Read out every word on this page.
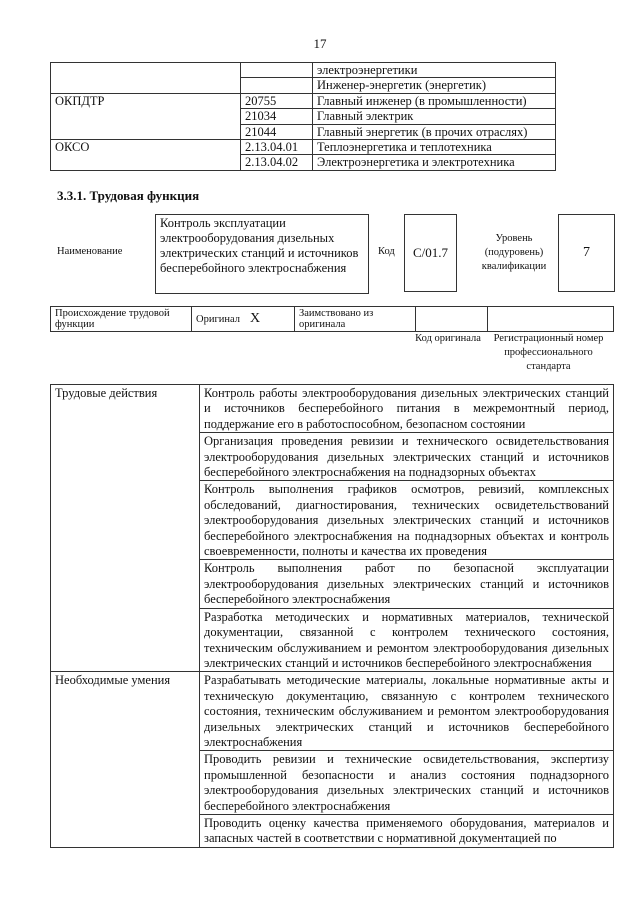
17
		электроэнергетики
		Инженер-энергетик (энергетик)
ОКПДТР	20755	Главный инженер (в промышленности)
	21034	Главный электрик
	21044	Главный энергетик (в прочих отраслях)
ОКСО	2.13.04.01	Теплоэнергетика и теплотехника
	2.13.04.02	Электроэнергетика и электротехника
3.3.1. Трудовая функция
Наименование
Контроль эксплуатации электрооборудования дизельных электрических станций и источников бесперебойного электроснабжения
Код C/01.7
Уровень (подуровень) квалификации
7
Происхождение трудовой функции	Оригинал X	Заимствовано из оригинала		
Код оригинала	Регистрационный номер профессионального стандарта
Трудовые действия	Контроль работы электрооборудования дизельных электрических станций и источников бесперебойного питания в межремонтный период, поддержание его в работоспособном, безопасном состоянии
	Организация проведения ревизии и технического освидетельствования электрооборудования дизельных электрических станций и источников бесперебойного электроснабжения на поднадзорных объектах
	Контроль выполнения графиков осмотров, ревизий, комплексных обследований, диагностирования, технических освидетельствований электрооборудования дизельных электрических станций и источников бесперебойного электроснабжения на поднадзорных объектах и контроль своевременности, полноты и качества их проведения
	Контроль выполнения работ по безопасной эксплуатации электрооборудования дизельных электрических станций и источников бесперебойного электроснабжения
	Разработка методических и нормативных материалов, технической документации, связанной с контролем технического состояния, техническим обслуживанием и ремонтом электрооборудования дизельных электрических станций и источников бесперебойного электроснабжения
Необходимые умения	Разрабатывать методические материалы, локальные нормативные акты и техническую документацию, связанную с контролем технического состояния, техническим обслуживанием и ремонтом электрооборудования дизельных электрических станций и источников бесперебойного электроснабжения
	Проводить ревизии и технические освидетельствования, экспертизу промышленной безопасности и анализ состояния поднадзорного электрооборудования дизельных электрических станций и источников бесперебойного электроснабжения
	Проводить оценку качества применяемого оборудования, материалов и запасных частей в соответствии с нормативной документацией по
